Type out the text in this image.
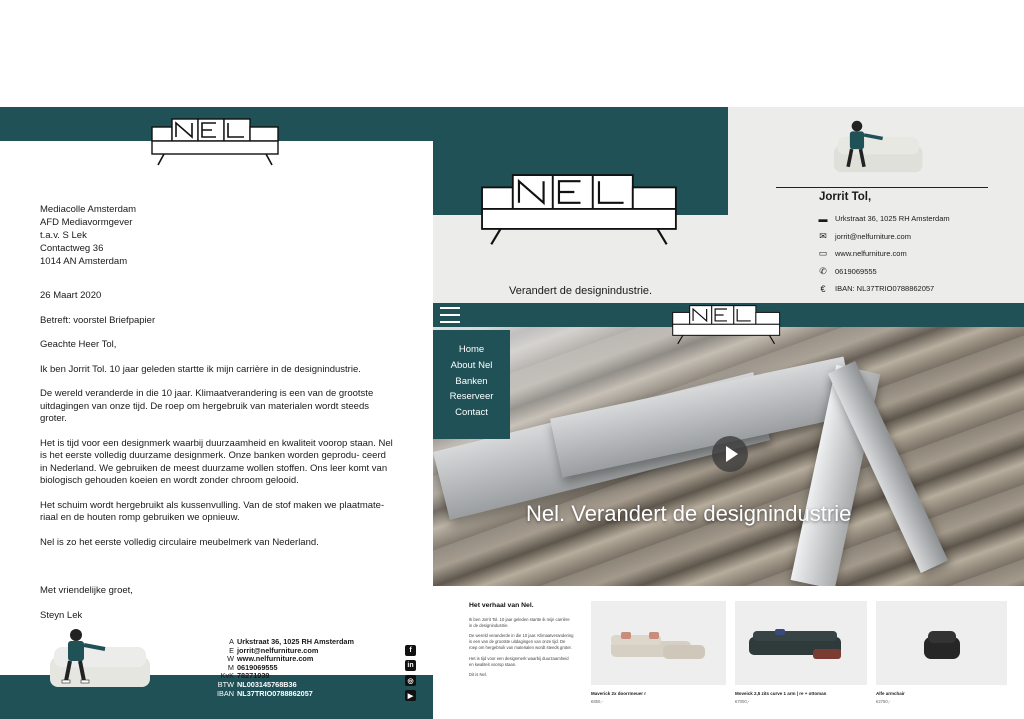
Mediacolle Amsterdam
AFD Mediavormgever
t.a.v. S Lek
Contactweg 36
1014 AN Amsterdam

26 Maart 2020

Betreft: voorstel Briefpapier

Geachte Heer Tol,

Ik ben Jorrit Tol. 10 jaar geleden startte ik mijn carrière in de designindustrie.

De wereld veranderde in die 10 jaar. Klimaatverandering is een van de grootste uitdagingen van onze tijd. De roep om hergebruik van materialen wordt steeds groter.

Het is tijd voor een designmerk waarbij duurzaamheid en kwaliteit voorop staan. Nel is het eerste volledig duurzame designmerk. Onze banken worden geprodu- ceerd in Nederland. We gebruiken de meest duurzame wollen stoffen. Ons leer komt van biologisch gehouden koeien en wordt zonder chroom gelooid.

Het schuim wordt hergebruikt als kussenvulling. Van de stof maken we plaatmate- riaal en de houten romp gebruiken we opnieuw.

Nel is zo het eerste volledig circulaire meubelmerk van Nederland.

Met vriendelijke groet,

Steyn Lek

A Urkstraat 36, 1025 RH Amsterdam
E jorrit@nelfurniture.com
W www.nelfurniture.com
M 0619069555
KvK 78271039
BTW NL003145768B36
IBAN NL37TRIO0788862057
f
in
◎
▶
Verandert de designindustrie.
Jorrit Tol,
▬ Urkstraat 36, 1025 RH Amsterdam
✉ jorrit@nelfurniture.com
▭ www.nelfurniture.com
✆ 0619069555
€	IBAN: NL37TRIO0788862057
Home
About Nel
Banken
Reserveer
Contact
Nel. Verandert de designindustrie
Het verhaal van Nel.

Ik ben Jorrit Tol. 10 jaar geleden startte ik mijn carrière in de designindustrie.

De wereld veranderde in die 10 jaar. Klimaatverandering is een van de grootste uitdagingen van onze tijd. De roep om hergebruik van materialen wordt steeds groter.

Het is tijd voor een designmerk waarbij duurzaamheid en kwaliteit voorop staan.

Dit is Nel.

Maverick 2x doorrmeuer r
€850,-
Moveick 2,5 zits curve 1 arm | re + ottoman
€7000,-
Alfe armchair
€2750,-
